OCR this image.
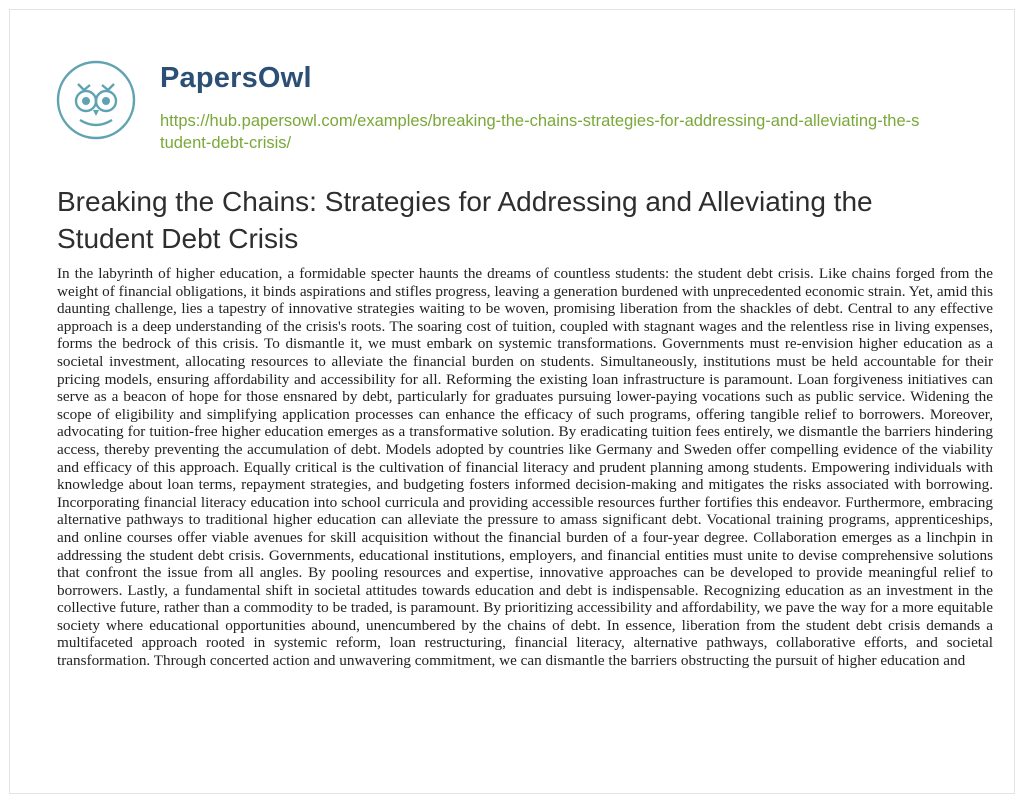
PapersOwl
https://hub.papersowl.com/examples/breaking-the-chains-strategies-for-addressing-and-alleviating-the-student-debt-crisis/
Breaking the Chains: Strategies for Addressing and Alleviating the Student Debt Crisis

In the labyrinth of higher education, a formidable specter haunts the dreams of countless students: the student debt crisis. Like chains forged from the weight of financial obligations, it binds aspirations and stifles progress, leaving a generation burdened with unprecedented economic strain. Yet, amid this daunting challenge, lies a tapestry of innovative strategies waiting to be woven, promising liberation from the shackles of debt. Central to any effective approach is a deep understanding of the crisis's roots. The soaring cost of tuition, coupled with stagnant wages and the relentless rise in living expenses, forms the bedrock of this crisis. To dismantle it, we must embark on systemic transformations. Governments must re-envision higher education as a societal investment, allocating resources to alleviate the financial burden on students. Simultaneously, institutions must be held accountable for their pricing models, ensuring affordability and accessibility for all. Reforming the existing loan infrastructure is paramount. Loan forgiveness initiatives can serve as a beacon of hope for those ensnared by debt, particularly for graduates pursuing lower-paying vocations such as public service. Widening the scope of eligibility and simplifying application processes can enhance the efficacy of such programs, offering tangible relief to borrowers. Moreover, advocating for tuition-free higher education emerges as a transformative solution. By eradicating tuition fees entirely, we dismantle the barriers hindering access, thereby preventing the accumulation of debt. Models adopted by countries like Germany and Sweden offer compelling evidence of the viability and efficacy of this approach. Equally critical is the cultivation of financial literacy and prudent planning among students. Empowering individuals with knowledge about loan terms, repayment strategies, and budgeting fosters informed decision-making and mitigates the risks associated with borrowing. Incorporating financial literacy education into school curricula and providing accessible resources further fortifies this endeavor. Furthermore, embracing alternative pathways to traditional higher education can alleviate the pressure to amass significant debt. Vocational training programs, apprenticeships, and online courses offer viable avenues for skill acquisition without the financial burden of a four-year degree. Collaboration emerges as a linchpin in addressing the student debt crisis. Governments, educational institutions, employers, and financial entities must unite to devise comprehensive solutions that confront the issue from all angles. By pooling resources and expertise, innovative approaches can be developed to provide meaningful relief to borrowers. Lastly, a fundamental shift in societal attitudes towards education and debt is indispensable. Recognizing education as an investment in the collective future, rather than a commodity to be traded, is paramount. By prioritizing accessibility and affordability, we pave the way for a more equitable society where educational opportunities abound, unencumbered by the chains of debt. In essence, liberation from the student debt crisis demands a multifaceted approach rooted in systemic reform, loan restructuring, financial literacy, alternative pathways, collaborative efforts, and societal transformation. Through concerted action and unwavering commitment, we can dismantle the barriers obstructing the pursuit of higher education and
